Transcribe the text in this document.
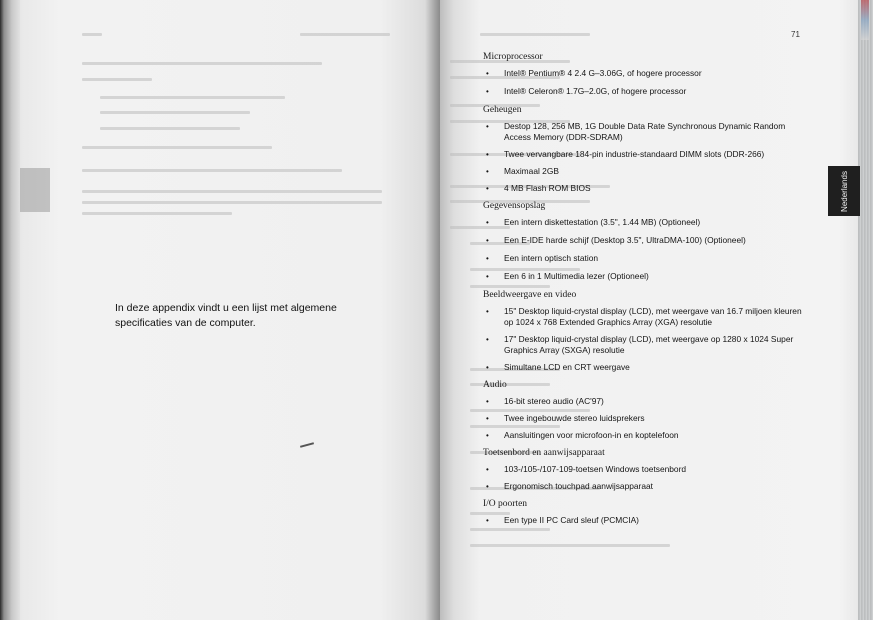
In deze appendix vindt u een lijst met algemene specificaties van de computer.
71
Nederlands
Microprocessor
• Intel® Pentium® 4 2.4 G–3.06G, of hogere processor
• Intel® Celeron® 1.7G–2.0G, of hogere processor
Geheugen
• Destop 128, 256 MB, 1G Double Data Rate Synchronous Dynamic Random Access Memory (DDR-SDRAM)
• Twee vervangbare 184-pin industrie-standaard DIMM slots (DDR-266)
• Maximaal 2GB
• 4 MB Flash ROM BIOS
Gegevensopslag
• Een intern diskettestation (3.5", 1.44 MB) (Optioneel)
• Een E-IDE harde schijf (Desktop 3.5", UltraDMA-100) (Optioneel)
• Een intern optisch station
• Een 6 in 1 Multimedia lezer (Optioneel)
Beeldweergave en video
• 15" Desktop liquid-crystal display (LCD), met weergave van 16.7 miljoen kleuren op 1024 x 768 Extended Graphics Array (XGA) resolutie
• 17" Desktop liquid-crystal display (LCD), met weergave op 1280 x 1024 Super Graphics Array (SXGA) resolutie
• Simultane LCD en CRT weergave
Audio
• 16-bit stereo audio (AC'97)
• Twee ingebouwde stereo luidsprekers
• Aansluitingen voor microfoon-in en koptelefoon
Toetsenbord en aanwijsapparaat
• 103-/105-/107-109-toetsen Windows toetsenbord
• Ergonomisch touchpad aanwijsapparaat
I/O poorten
• Een type II PC Card sleuf (PCMCIA)
